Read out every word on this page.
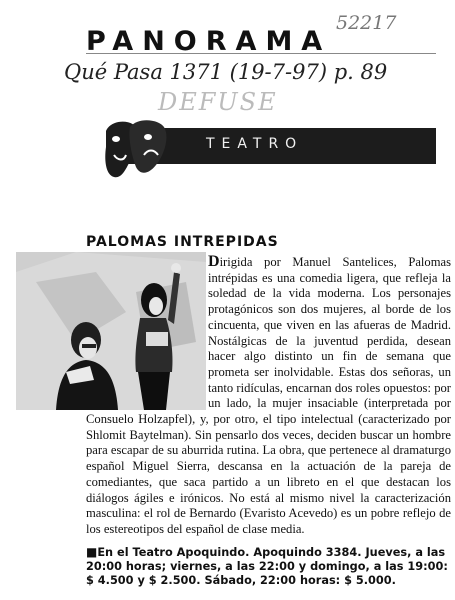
PANORAMA
52217
Qué Pasa 1371 (19-7-97) p. 89
DEFUSE
TEATRO
PALOMAS INTREPIDAS
Dirigida por Manuel Santelices, Palomas intrépidas es una comedia ligera, que refleja la soledad de la vida moderna. Los personajes protagónicos son dos mujeres, al borde de los cincuenta, que viven en las afueras de Madrid. Nostálgicas de la juventud perdida, desean hacer algo distinto un fin de semana que prometa ser inolvidable. Estas dos señoras, un tanto ridículas, encarnan dos roles opuestos: por un lado, la mujer insaciable (interpretada por Consuelo Holzapfel), y, por otro, el tipo intelectual (caracterizado por Shlomit Baytelman). Sin pensarlo dos veces, deciden buscar un hombre para escapar de su aburrida rutina. La obra, que pertenece al dramaturgo español Miguel Sierra, descansa en la actuación de la pareja de comediantes, que saca partido a un libreto en el que destacan los diálogos ágiles e irónicos. No está al mismo nivel la caracterización masculina: el rol de Bernardo (Evaristo Acevedo) es un pobre reflejo de los estereotipos del español de clase media.
■En el Teatro Apoquindo. Apoquindo 3384. Jueves, a las 20:00 horas; viernes, a las 22:00 y domingo, a las 19:00: $ 4.500 y $ 2.500. Sábado, 22:00 horas: $ 5.000.
